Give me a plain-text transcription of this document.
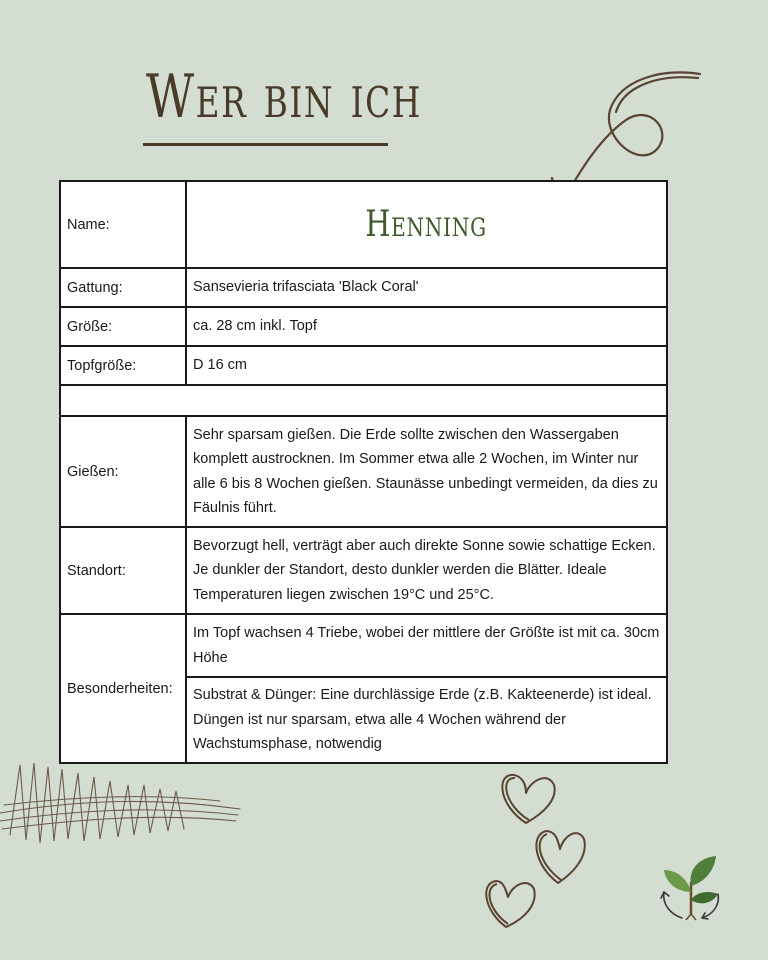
Wer bin ich
Name:	Henning
Gattung:	Sansevieria trifasciata 'Black Coral'
Größe:	ca. 28 cm inkl. Topf
Topfgröße:	D 16 cm

Gießen:	Sehr sparsam gießen. Die Erde sollte zwischen den Wassergaben komplett austrocknen. Im Sommer etwa alle 2 Wochen, im Winter nur alle 6 bis 8 Wochen gießen. Staunässe unbedingt vermeiden, da dies zu Fäulnis führt.
Standort:	Bevorzugt hell, verträgt aber auch direkte Sonne sowie schattige Ecken. Je dunkler der Standort, desto dunkler werden die Blätter. Ideale Temperaturen liegen zwischen 19°C und 25°C.
Besonderheiten:	Im Topf wachsen 4 Triebe, wobei der mittlere der Größte ist mit ca. 30cm Höhe
	Substrat & Dünger: Eine durchlässige Erde (z.B. Kakteenerde) ist ideal. Düngen ist nur sparsam, etwa alle 4 Wochen während der Wachstumsphase, notwendig
